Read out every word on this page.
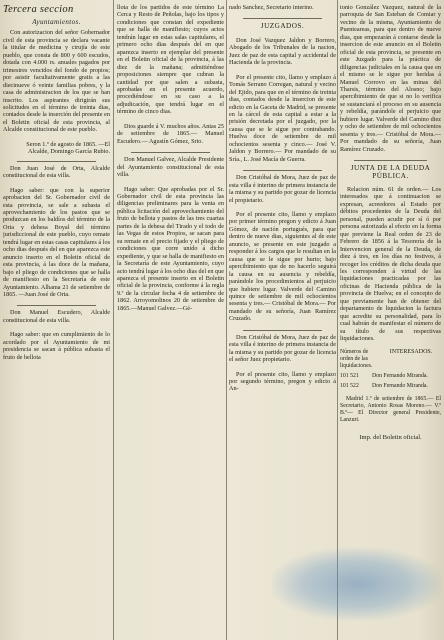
Tercera seccion
Ayuntamientos.

Con autorizacion del señor Gobernador civil de esta provincia se declara vacante la titular de medicina y cirujía de este pueblo, que consta de 800 y 600 escudos, dotada con 4.000 rs. anuales pagados por trimestres vencidos del fondo de propios; por asistir facultativamente gratis a las diecinueve ó veinte familias pobres, y la casa de administracion de los que se han inscrito. Los aspirantes dirigirán sus solicitudes en el término de treinta dias, contados desde la inserción del presente en el Boletin oficial de esta provincia, al Alcalde constitucional de este pueblo.

Seron 1.º de agosto de 1865. —El Alcalde, Domingo García Rubio.

Don Juan José de Orta, Alcalde constitucional de esta villa.

Hago saber: que con la superior aprobacion del Sr. Gobernador civil de esta provincia, se sale a subasta el aprovechamiento de los pastos que se produzcan en los baldíos del término de la Oria y dehesa Boyal del término jurisdiccional de este pueblo, cuyo remate tendrá lugar en estas casas capitulares á los ocho dias después del en que aparezca este anuncio inserto en el Boletin oficial de esta provincia, á las doce de la mañana, bajo el pliego de condiciones que se halla de manifiesto en la Secretaría de este Ayuntamiento. Alhama 21 de setiembre de 1865. —Juan José de Orta.

Don Manuel Escudero, Alcalde constitucional de esta villa.

Hago saber: que en cumplimiento de lo acordado por el Ayuntamiento de mi presidencia se sacan á pública subasta el fruto de bellota

llota de los partidos de este término La Cerca y Resto de Peñolas, bajo los tipos y condiciones que constan del expediente que se halla de manifiesto; cuyos actos tendrán lugar en estas salas capitulares, el primero ocho dias después del en que aparezca inserto en ejemplar del presente en el Boletin oficial de la provincia, á las diez de la mañana; admitiéndose proposiciones siempre que cubran la cantidad por que salen a subasta, aprobadas en el presente acuerdo, procediéndose en su caso a la adjudicación, que tendrá lugar en el término de cinco dias.

Dios guarde á V. muchos años. Antas 25 de setiembre de 1865.— Manuel Escudero.— Agustín Gómez, Srio.

Don Manuel Galvez, Alcalde Presidente del Ayuntamiento constitucional de esta villa.

Hago saber: Que aprobadas por el Sr. Gobernador civil de esta provincia las diligencias preliminares para la venta en pública licitación del aprovechamiento del fruto de bellota y pastos de las tres cuartas partes de la dehesa del Tirado y el todo de las Vegas de estos Propios, se sacan para su remate en el precio fijado y el pliego de condiciones que corre unido á dicho expediente, y que se halla de manifiesto en la Secretaría de este Ayuntamiento, cuyo acto tendrá lugar á los ocho dias del en que aparezca el presente inserto en el Boletin oficial de la provincia, conforme á la regla 9.ª de la circular fecha 4 de setiembre de 1862. Arroyomolinos 20 de setiembre de 1865.—Manuel Galvez.—Gé-

nado Sanchez, Secretario interino.

JUZGADOS.

Don José Vazquez Jaldon y Borrero, Abogado de los Tribunales de la nacion, Juez de paz de esta capital y accidental de Hacienda de la provincia.

Por el presente cito, llamo y emplazo á Tomás Serrano Corregan, natural y vecino del Ejido, para que en el término de treinta dias, contados desde la insercion de este edicto en la Gaceta de Madrid, se presente en la cárcel de esta capital a estar a la prisión decretada por el juzgado, por la causa que se le sigue por contrabando. Huelva doce de setiembre de mil ochocientos sesenta y cinco.— José V. Jaldon y Borrero.— Por mandado de su Sría., L. José Macía de Guerra.

Don Cristóbal de Mora, Juez de paz de esta villa é interino de primera instancia de la misma y su partido por gozar de licencia el propietario.

Por el presente cito, llamo y emplazo por primer término pregon y edicto á Juan Gómez, de nación portugués, para que dentro de nueve dias, siguientes al de este anuncio, se presente en este juzgado a responder á los cargos que le resultan en la causa que se le sigue por hurto; bajo apercibimiento que de no hacerlo seguirá la causa en su ausencia y rebeldía, parándole los procedimientos al perjuicio que hubiere lugar. Valverde del Camino quince de setiembre de mil ochocientos sesenta y tres.— Cristóbal de Mora.— Por mandado de su señoría, Juan Ramírez Cruzado.

Don Cristóbal de Mora, Juez de paz de esta villa é interino de primera instancia de la misma y su partido por gozar de licencia el señor Juez propietario.

Por el presente cito, llamo y emplazo por segundo término, pregon y edicto á An-

tonio González Vazquez, natural de la parroquia de San Esteban de Comiar y vecino de la misma, Ayuntamiento de Puenteareas, para que dentro de nueve dias, que empezarán á contarse desde la insercion de este anuncio en el Boletin oficial de esta provincia, se presente en este Juzgado para la práctica de diligencias judiciales en la causa que en el mismo se le sigue por heridas á Manuel Corrovo en las minas del Tharsis, término del Alosno; bajo apercibimiento de que si no lo verifica se sustanciará el proceso en su ausencia y rebeldía, parándole el perjuicio que hubiere lugar. Valverde del Camino diez y ocho de setiembre de mil ochocientos sesenta y tres.— Cristóbal de Mora.— Por mandado de su señoría, Juan Ramírez Cruzado.

JUNTA DE LA DEUDA PÚBLICA.

Relacion núm. 61 de orden.— Los interesados que á continuacion se expresan, acreedores al Estado por débitos procedentes de la Deuda del personal, pueden acudir por sí ó por persona autorizada al efecto en la forma que previene la Real orden de 23 de Febrero de 1856 á la Tesorería de la Intervencion general de la Deuda, de diez á tres, en los días no festivos, á recoger los créditos de dicha deuda que les corresponden á virtud de las liquidaciones practicadas por las oficinas de Hacienda pública de la provincia de Huelva; en el concepto de que previamente han de obtener del departamento de liquidacion la factura que acredite su personalidad, para lo cual habrán de manifestar el número de su título de sus respectivas liquidaciones.

Números de orden de las liquidaciones.
INTERESADOS.
101 521	Don Fernando Miranda.
101 522	Don Fernando Miranda.
Madrid 1.º de setiembre de 1865.— El Secretario, Antonio Rosas Moreno.— V.º B.º— El Director general Presidente, Lanzuri.
Imp. del Boletin oficial.
